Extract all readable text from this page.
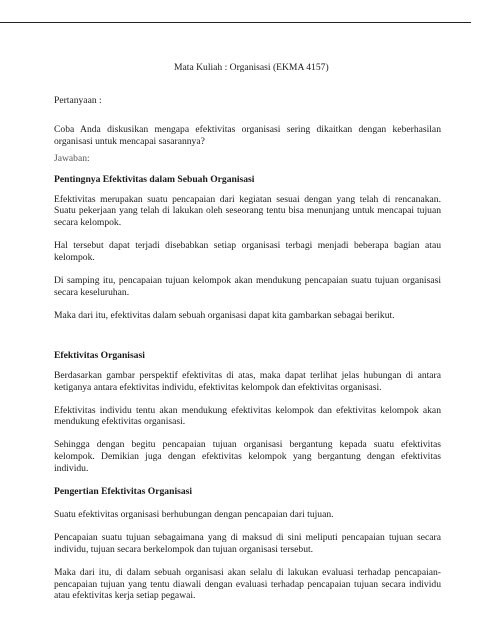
Mata Kuliah : Organisasi (EKMA 4157)

Pertanyaan :

Coba Anda diskusikan mengapa efektivitas organisasi sering dikaitkan dengan keberhasilan organisasi untuk mencapai sasarannya?

Jawaban:

Pentingnya Efektivitas dalam Sebuah Organisasi

Efektivitas merupakan suatu pencapaian dari kegiatan sesuai dengan yang telah di rencanakan. Suatu pekerjaan yang telah di lakukan oleh seseorang tentu bisa menunjang untuk mencapai tujuan secara kelompok.

Hal tersebut dapat terjadi disebabkan setiap organisasi terbagi menjadi beberapa bagian atau kelompok.

Di samping itu, pencapaian tujuan kelompok akan mendukung pencapaian suatu tujuan organisasi secara keseluruhan.

Maka dari itu, efektivitas dalam sebuah organisasi dapat kita gambarkan sebagai berikut.

Efektivitas Organisasi

Berdasarkan gambar perspektif efektivitas di atas, maka dapat terlihat jelas hubungan di antara ketiganya antara efektivitas individu, efektivitas kelompok dan efektivitas organisasi.

Efektivitas individu tentu akan mendukung efektivitas kelompok dan efektivitas kelompok akan mendukung efektivitas organisasi.

Sehingga dengan begitu pencapaian tujuan organisasi bergantung kepada suatu efektivitas kelompok. Demikian juga dengan efektivitas kelompok yang bergantung dengan efektivitas individu.

Pengertian Efektivitas Organisasi

Suatu efektivitas organisasi berhubungan dengan pencapaian dari tujuan.

Pencapaian suatu tujuan sebagaimana yang di maksud di sini meliputi pencapaian tujuan secara individu, tujuan secara berkelompok dan tujuan organisasi tersebut.

Maka dari itu, di dalam sebuah organisasi akan selalu di lakukan evaluasi terhadap pencapaian-pencapaian tujuan yang tentu diawali dengan evaluasi terhadap pencapaian tujuan secara individu atau efektivitas kerja setiap pegawai.
